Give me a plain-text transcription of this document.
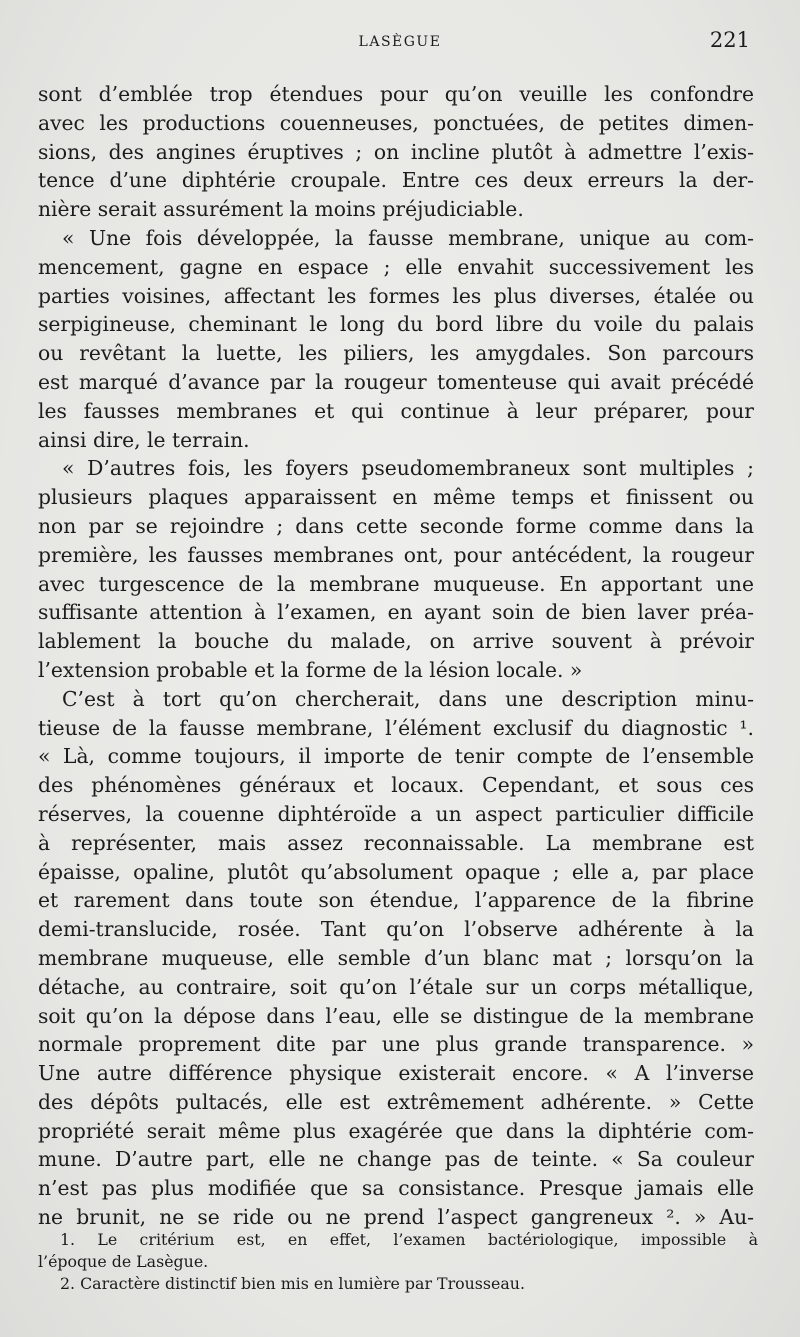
LASÈGUE	221
sont d’emblée trop étendues pour qu’on veuille les confondre
avec les productions couenneuses, ponctuées, de petites dimen-
sions, des angines éruptives ; on incline plutôt à admettre l’exis-
tence d’une diphtérie croupale. Entre ces deux erreurs la der-
nière serait assurément la moins préjudiciable.
« Une fois développée, la fausse membrane, unique au com-
mencement, gagne en espace ; elle envahit successivement les
parties voisines, affectant les formes les plus diverses, étalée ou
serpigineuse, cheminant le long du bord libre du voile du palais
ou revêtant la luette, les piliers, les amygdales. Son parcours
est marqué d’avance par la rougeur tomenteuse qui avait précédé
les fausses membranes et qui continue à leur préparer, pour
ainsi dire, le terrain.
« D’autres fois, les foyers pseudomembraneux sont multiples ;
plusieurs plaques apparaissent en même temps et finissent ou
non par se rejoindre ; dans cette seconde forme comme dans la
première, les fausses membranes ont, pour antécédent, la rougeur
avec turgescence de la membrane muqueuse. En apportant une
suffisante attention à l’examen, en ayant soin de bien laver préa-
lablement la bouche du malade, on arrive souvent à prévoir
l’extension probable et la forme de la lésion locale. »
C’est à tort qu’on chercherait, dans une description minu-
tieuse de la fausse membrane, l’élément exclusif du diagnostic ¹.
« Là, comme toujours, il importe de tenir compte de l’ensemble
des phénomènes généraux et locaux. Cependant, et sous ces
réserves, la couenne diphtéroïde a un aspect particulier difficile
à représenter, mais assez reconnaissable. La membrane est
épaisse, opaline, plutôt qu’absolument opaque ; elle a, par place
et rarement dans toute son étendue, l’apparence de la fibrine
demi-translucide, rosée. Tant qu’on l’observe adhérente à la
membrane muqueuse, elle semble d’un blanc mat ; lorsqu’on la
détache, au contraire, soit qu’on l’étale sur un corps métallique,
soit qu’on la dépose dans l’eau, elle se distingue de la membrane
normale proprement dite par une plus grande transparence. »
Une autre différence physique existerait encore. « A l’inverse
des dépôts pultacés, elle est extrêmement adhérente. » Cette
propriété serait même plus exagérée que dans la diphtérie com-
mune. D’autre part, elle ne change pas de teinte. « Sa couleur
n’est pas plus modifiée que sa consistance. Presque jamais elle
ne brunit, ne se ride ou ne prend l’aspect gangreneux ². » Au-
1. Le critérium est, en effet, l’examen bactériologique, impossible à
l’époque de Lasègue.
2. Caractère distinctif bien mis en lumière par Trousseau.
